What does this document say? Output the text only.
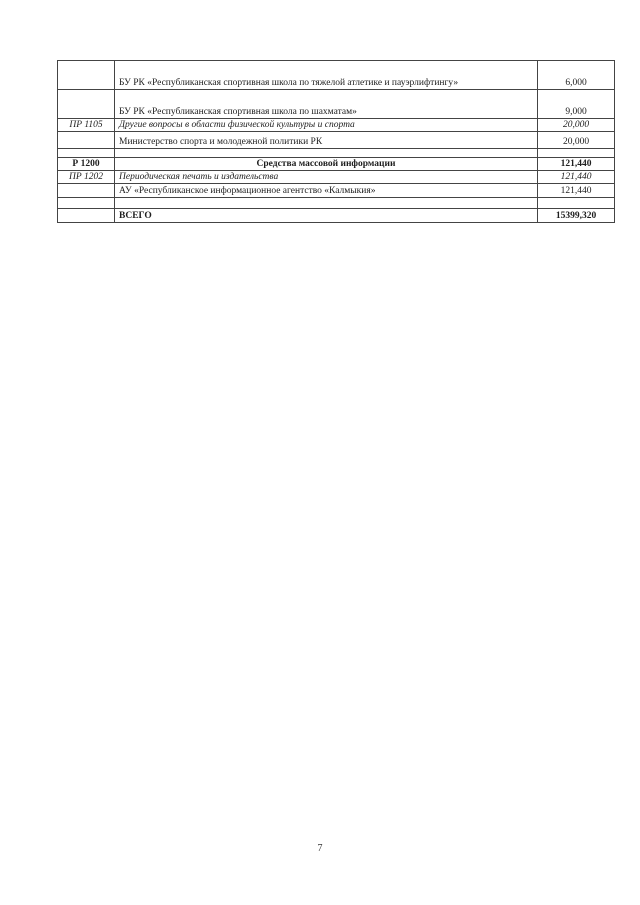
	БУ РК «Республиканская спортивная школа по тяжелой атлетике и пауэрлифтингу»	6,000
	БУ РК «Республиканская спортивная школа по шахматам»	9,000
ПР 1105	Другие вопросы в области физической культуры и спорта	20,000
	Министерство спорта и молодежной политики РК	20,000

Р 1200	Средства массовой информации	121,440
ПР 1202	Периодическая печать и издательства	121,440
	АУ «Республиканское информационное агентство «Калмыкия»	121,440

	ВСЕГО	15399,320
7
